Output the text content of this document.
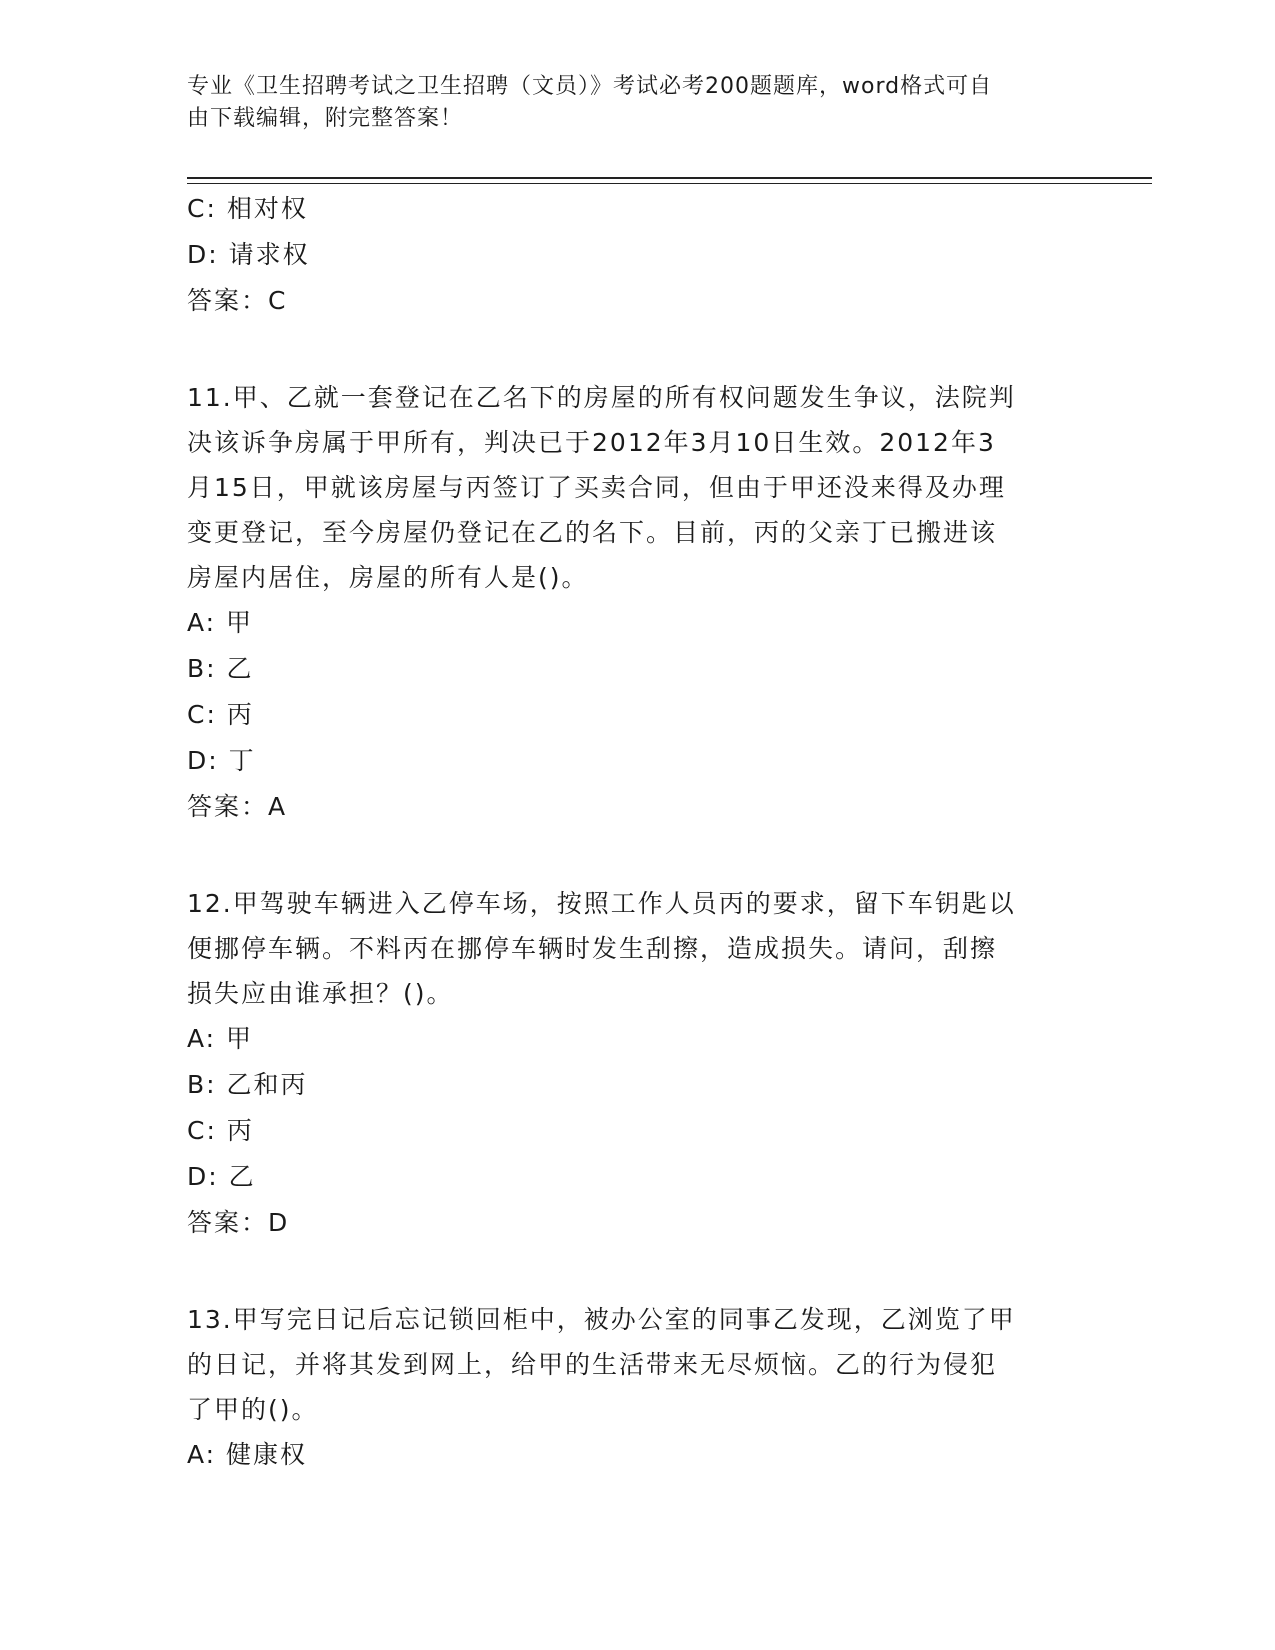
专业《卫生招聘考试之卫生招聘（文员）》考试必考200题题库，word格式可自
由下载编辑，附完整答案！
C: 相对权
D: 请求权
答案：C
11.甲、乙就一套登记在乙名下的房屋的所有权问题发生争议，法院判
决该诉争房属于甲所有，判决已于2012年3月10日生效。2012年3
月15日，甲就该房屋与丙签订了买卖合同，但由于甲还没来得及办理
变更登记，至今房屋仍登记在乙的名下。目前，丙的父亲丁已搬进该
房屋内居住，房屋的所有人是()。
A: 甲
B: 乙
C: 丙
D: 丁
答案：A
12.甲驾驶车辆进入乙停车场，按照工作人员丙的要求，留下车钥匙以
便挪停车辆。不料丙在挪停车辆时发生刮擦，造成损失。请问，刮擦
损失应由谁承担？()。
A: 甲
B: 乙和丙
C: 丙
D: 乙
答案：D
13.甲写完日记后忘记锁回柜中，被办公室的同事乙发现，乙浏览了甲
的日记，并将其发到网上，给甲的生活带来无尽烦恼。乙的行为侵犯
了甲的()。
A: 健康权
